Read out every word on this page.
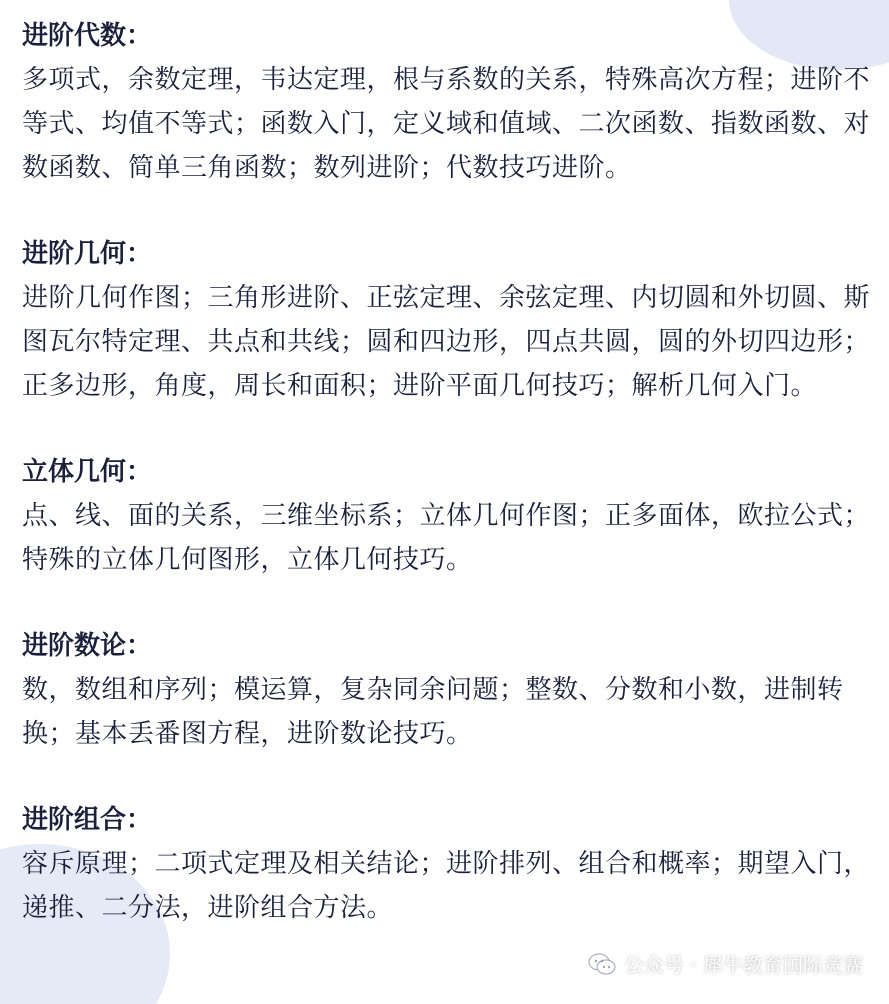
进阶代数：

多项式，余数定理，韦达定理，根与系数的关系，特殊高次方程；进阶不等式、均值不等式；函数入门，定义域和值域、二次函数、指数函数、对数函数、简单三角函数；数列进阶；代数技巧进阶。

进阶几何：

进阶几何作图；三角形进阶、正弦定理、余弦定理、内切圆和外切圆、斯图瓦尔特定理、共点和共线；圆和四边形，四点共圆，圆的外切四边形；正多边形，角度，周长和面积；进阶平面几何技巧；解析几何入门。

立体几何：

点、线、面的关系，三维坐标系；立体几何作图；正多面体，欧拉公式；特殊的立体几何图形，立体几何技巧。

进阶数论：

数，数组和序列；模运算，复杂同余问题；整数、分数和小数，进制转换；基本丢番图方程，进阶数论技巧。

进阶组合：

容斥原理；二项式定理及相关结论；进阶排列、组合和概率；期望入门，递推、二分法，进阶组合方法。

公众号 · 犀牛教育国际竞赛
